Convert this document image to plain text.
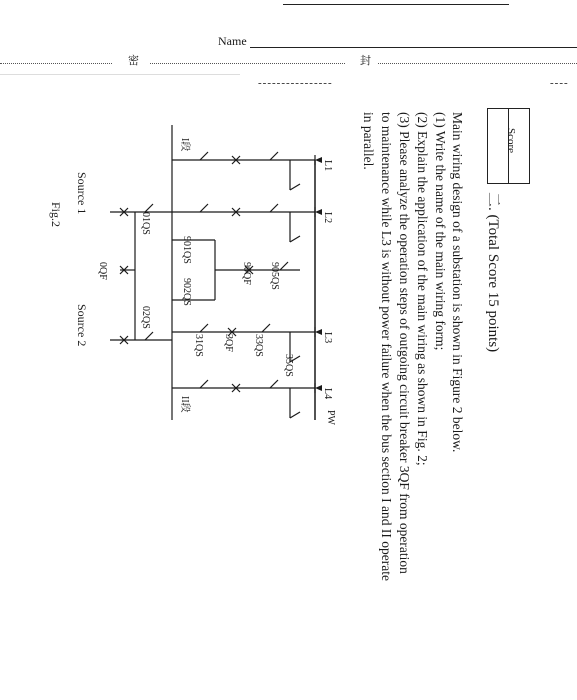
Name
密	封
----------------	----
Score
二. (Total Score 15 points)
Main wiring design of a substation is shown in Figure 2 below.
(1) Write the name of the main wiring form;
(2) Explain the application of the main wiring as shown in Fig. 2;
(3) Please analyze the operation steps of outgoing circuit breaker 3QF from operation
to maintenance while L3 is without power failure when the bus section I and II operate
in parallel.
L1
L2
L3
L4
PW
I段
II段
01QS
901QS
90QF 905QS
902QS
02QS
0QF
31QS 3QF 33QS
35QS
Source 1
Source 2
Fig.2
